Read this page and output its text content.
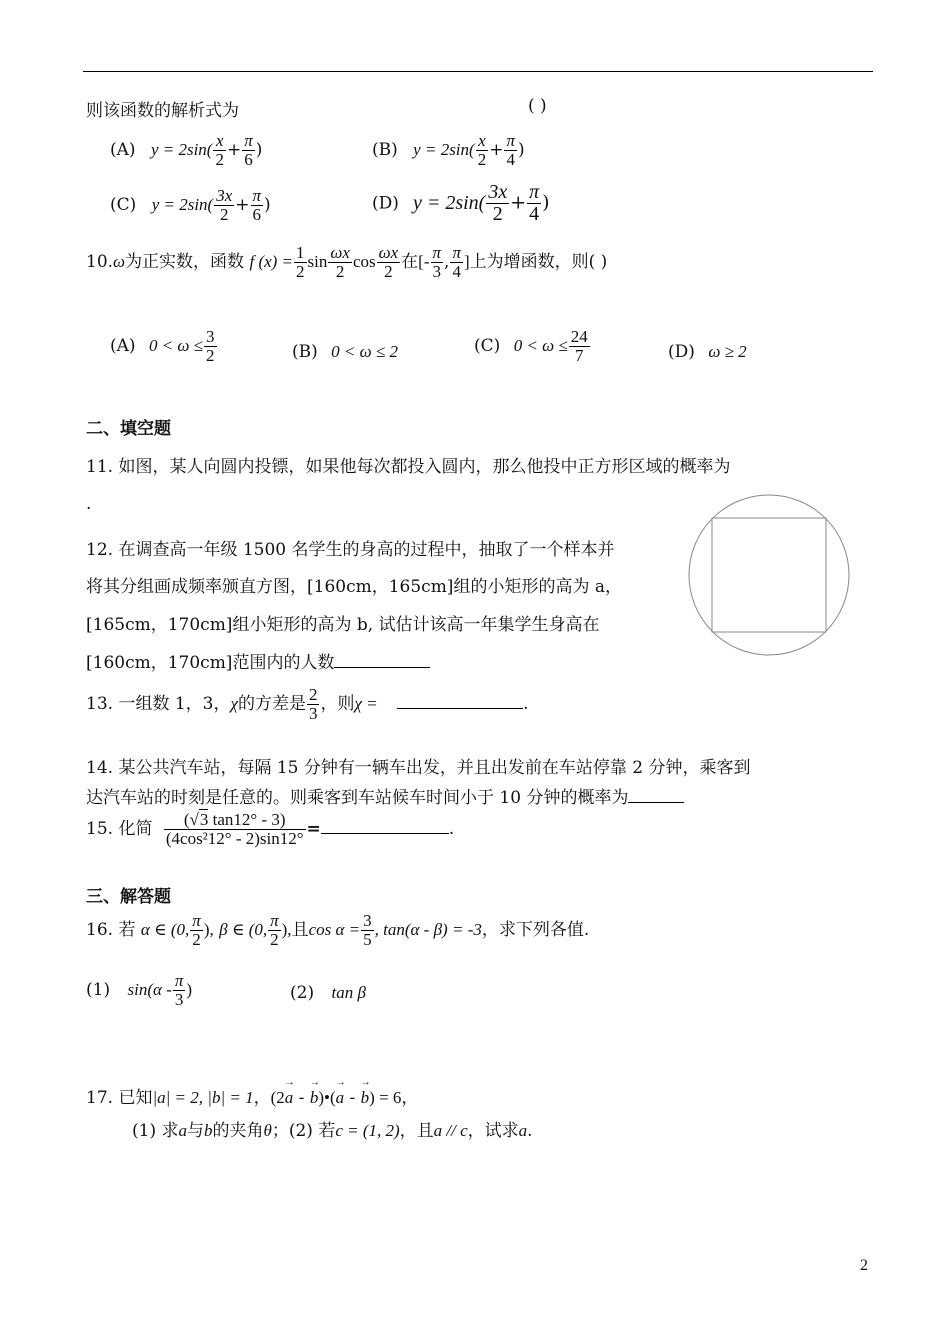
则该函数的解析式为	( )
(A) $y = 2\sin( \frac{x}{2} + \frac{\pi}{6}$ )	(B) $y = 2\sin( \frac{x}{2} + \frac{\pi}{4}$ )
(C) $y = 2\sin( \frac{3x}{2} + \frac{\pi}{6}$ )	(D) $y = 2\sin( \frac{3x}{2} + \frac{\pi}{4}$ )
10.ω为正实数，函数 f $(x) = \frac{1}{2}$ $\sin \frac{\omega x}{2}$ $\cos \frac{\omega x}{2}$ 在[- $\frac{\pi}{3}$ , $\frac{\pi}{4}$ ]上为增函数，则( )
(A) $0 < \omega \le \frac{3}{2}$	(B) 0 < ω ≤ 2	(C) $0 < \omega \le \frac{24}{7}$	(D) ω ≥ 2
二、填空题
11. 如图，某人向圆内投镖，如果他每次都投入圆内，那么他投中正方形区域的概率为
.
12. 在调查高一年级 1500 名学生的身高的过程中，抽取了一个样本并
将其分组画成频率颁直方图，[160cm，165cm]组的小矩形的高为 a，
[165cm，170cm]组小矩形的高为 b, 试估计该高一年集学生身高在
[160cm，170cm]范围内的人数
13. 一组数 1，3，χ的方差是 $\frac{2}{3}$ ，则χ =	.
14. 某公共汽车站，每隔 15 分钟有一辆车出发，并且出发前在车站停靠 2 分钟，乘客到
达汽车站的时刻是任意的。则乘客到车站候车时间小于 10 分钟的概率为
15. 化简 $\frac{(√3 \tan 12^\circ - 3)}{\text{(4cos²12° - 2)sin12°}}$ =	.
三、解答题
16. 若 α ∈ (0, $\frac{\pi}{2}$ ), β ∈ (0, $\frac{\pi}{2}$ ),且$\cos \alpha = \frac{3}{5}$ , tan(α - β) = -3，求下列各值.
(1) $\sin(\alpha - \frac{\pi}{3}$ )	(2) tan β
17. 已知|a| = 2, |b| = 1，(2→ a - → b)•(→ a - → b) = 6，
(1) 求a与b的夹角θ；(2) 若c = (1, 2)，且a // c，试求a.
2
